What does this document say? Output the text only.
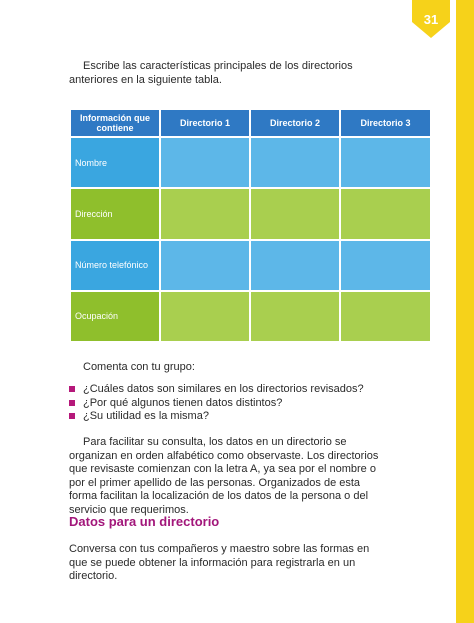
31

Escribe las características principales de los directorios anteriores en la siguiente tabla.

Información que contiene	Directorio 1	Directorio 2	Directorio 3
Nombre			
Dirección			
Número telefónico			
Ocupación			

Comenta con tu grupo:

¿Cuáles datos son similares en los directorios revisados?
¿Por qué algunos tienen datos distintos?
¿Su utilidad es la misma?

Para facilitar su consulta, los datos en un directorio se organizan en orden alfabético como observaste. Los directorios que revisaste comienzan con la letra A, ya sea por el nombre o por el primer apellido de las personas. Organizados de esta forma facilitan la localización de los datos de la persona o del servicio que requerimos.

Datos para un directorio

Conversa con tus compañeros y maestro sobre las formas en que se puede obtener la información para registrarla en un directorio.
